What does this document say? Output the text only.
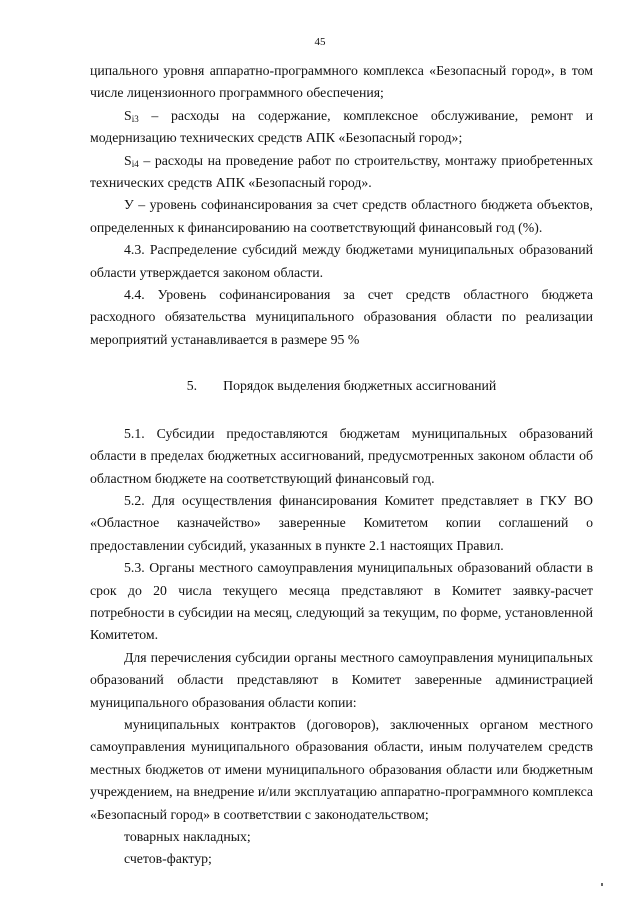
45

ципального уровня аппаратно-программного комплекса «Безопасный город», в том числе лицензионного программного обеспечения;

$S_{i3}$ – расходы на содержание, комплексное обслуживание, ремонт и модернизацию технических средств АПК «Безопасный город»;

$S_{i4}$ – расходы на проведение работ по строительству, монтажу приобретенных технических средств АПК «Безопасный город».

У – уровень софинансирования за счет средств областного бюджета объектов, определенных к финансированию на соответствующий финансовый год (%).

4.3. Распределение субсидий между бюджетами муниципальных образований области утверждается законом области.

4.4. Уровень софинансирования за счет средств областного бюджета расходного обязательства муниципального образования области по реализации мероприятий устанавливается в размере 95 %

5. Порядок выделения бюджетных ассигнований

5.1. Субсидии предоставляются бюджетам муниципальных образований области в пределах бюджетных ассигнований, предусмотренных законом области об областном бюджете на соответствующий финансовый год.

5.2. Для осуществления финансирования Комитет представляет в ГКУ ВО «Областное казначейство» заверенные Комитетом копии соглашений о предоставлении субсидий, указанных в пункте 2.1 настоящих Правил.

5.3. Органы местного самоуправления муниципальных образований области в срок до 20 числа текущего месяца представляют в Комитет заявку-расчет потребности в субсидии на месяц, следующий за текущим, по форме, установленной Комитетом.

Для перечисления субсидии органы местного самоуправления муниципальных образований области представляют в Комитет заверенные администрацией муниципального образования области копии:

муниципальных контрактов (договоров), заключенных органом местного самоуправления муниципального образования области, иным получателем средств местных бюджетов от имени муниципального образования области или бюджетным учреждением, на внедрение и/или эксплуатацию аппаратно-программного комплекса «Безопасный город» в соответствии с законодательством;

товарных накладных;

счетов-фактур;
